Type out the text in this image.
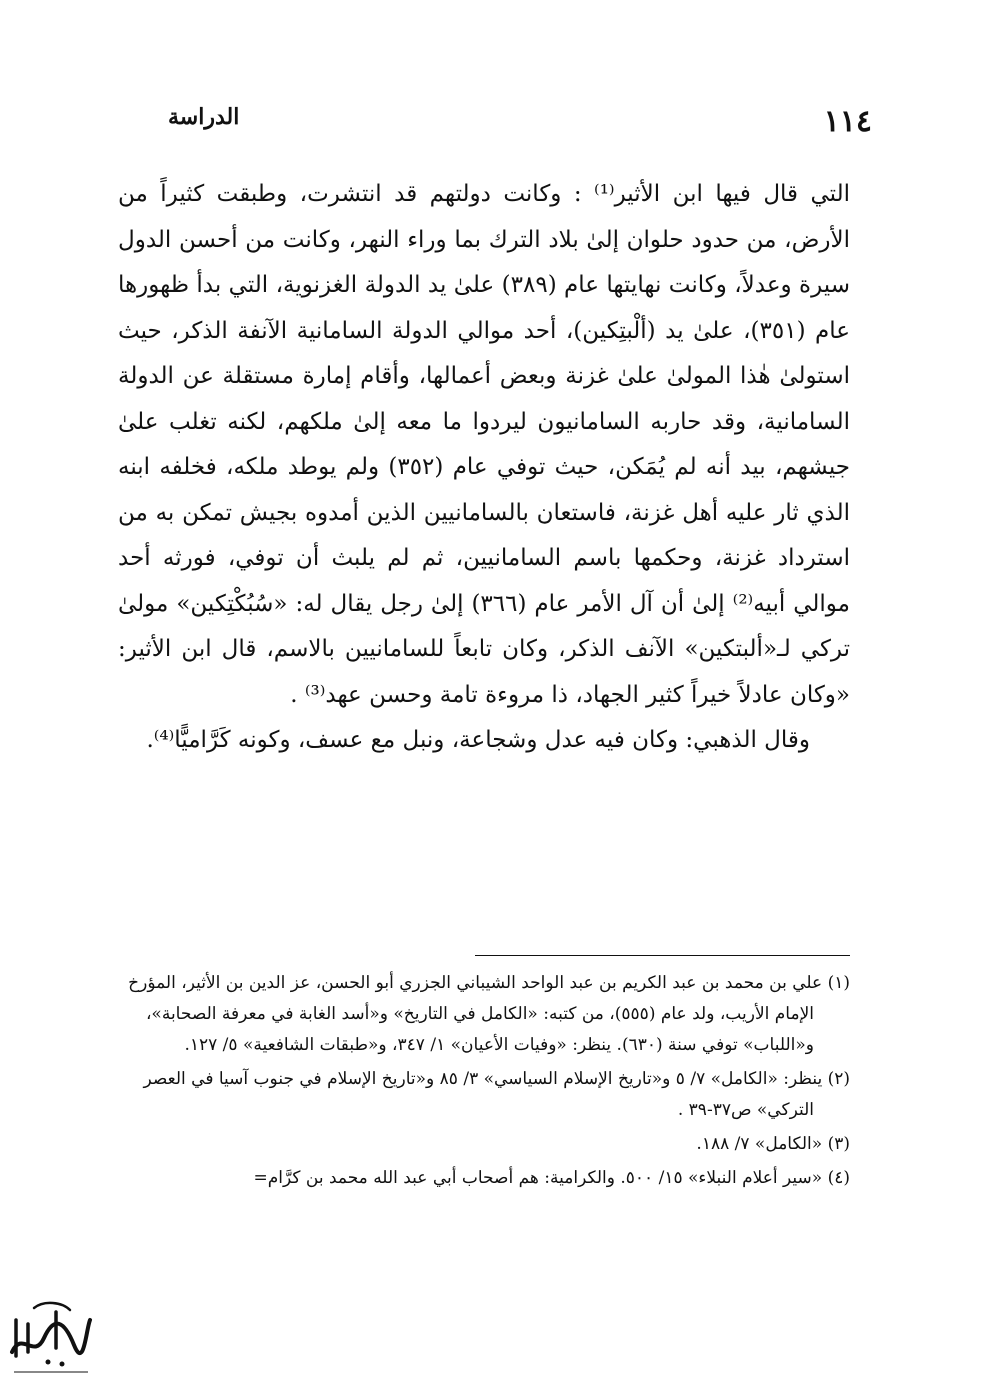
١١٤
الدراسة

التي قال فيها ابن الأثير⁽¹⁾ : وكانت دولتهم قد انتشرت، وطبقت كثيراً من الأرض، من حدود حلوان إلىٰ بلاد الترك بما وراء النهر، وكانت من أحسن الدول سيرة وعدلاً، وكانت نهايتها عام (٣٨٩) علىٰ يد الدولة الغزنوية، التي بدأ ظهورها عام (٣٥١)، علىٰ يد (ألْبتِكين)، أحد موالي الدولة السامانية الآنفة الذكر، حيث استولىٰ هٰذا المولىٰ علىٰ غزنة وبعض أعمالها، وأقام إمارة مستقلة عن الدولة السامانية، وقد حاربه السامانيون ليردوا ما معه إلىٰ ملكهم، لكنه تغلب علىٰ جيشهم، بيد أنه لم يُمَكن، حيث توفي عام (٣٥٢) ولم يوطد ملكه، فخلفه ابنه الذي ثار عليه أهل غزنة، فاستعان بالسامانيين الذين أمدوه بجيش تمكن به من استرداد غزنة، وحكمها باسم السامانيين، ثم لم يلبث أن توفي، فورثه أحد موالي أبيه⁽²⁾ إلىٰ أن آل الأمر عام (٣٦٦) إلىٰ رجل يقال له: «سُبُكْتِكين» مولىٰ تركي لـ«ألبتكين» الآنف الذكر، وكان تابعاً للسامانيين بالاسم، قال ابن الأثير: «وكان عادلاً خيراً كثير الجهاد، ذا مروءة تامة وحسن عهد⁽³⁾ .

وقال الذهبي: وكان فيه عدل وشجاعة، ونبل مع عسف، وكونه كَرَّاميًّا⁽⁴⁾.

(١) علي بن محمد بن عبد الكريم بن عبد الواحد الشيباني الجزري أبو الحسن، عز الدين بن الأثير، المؤرخ الإمام الأريب، ولد عام (٥٥٥)، من كتبه: «الكامل في التاريخ» و«أسد الغابة في معرفة الصحابة»، و«اللباب» توفي سنة (٦٣٠). ينظر: «وفيات الأعيان» ١/ ٣٤٧، و«طبقات الشافعية» ٥/ ١٢٧.

(٢) ينظر: «الكامل» ٧/ ٥ و«تاريخ الإسلام السياسي» ٣/ ٨٥ و«تاريخ الإسلام في جنوب آسيا في العصر التركي» ص٣٧-٣٩ .

(٣) «الكامل» ٧/ ١٨٨.

(٤) «سير أعلام النبلاء» ١٥/ ٥٠٠. والكرامية: هم أصحاب أبي عبد الله محمد بن كرَّام=
